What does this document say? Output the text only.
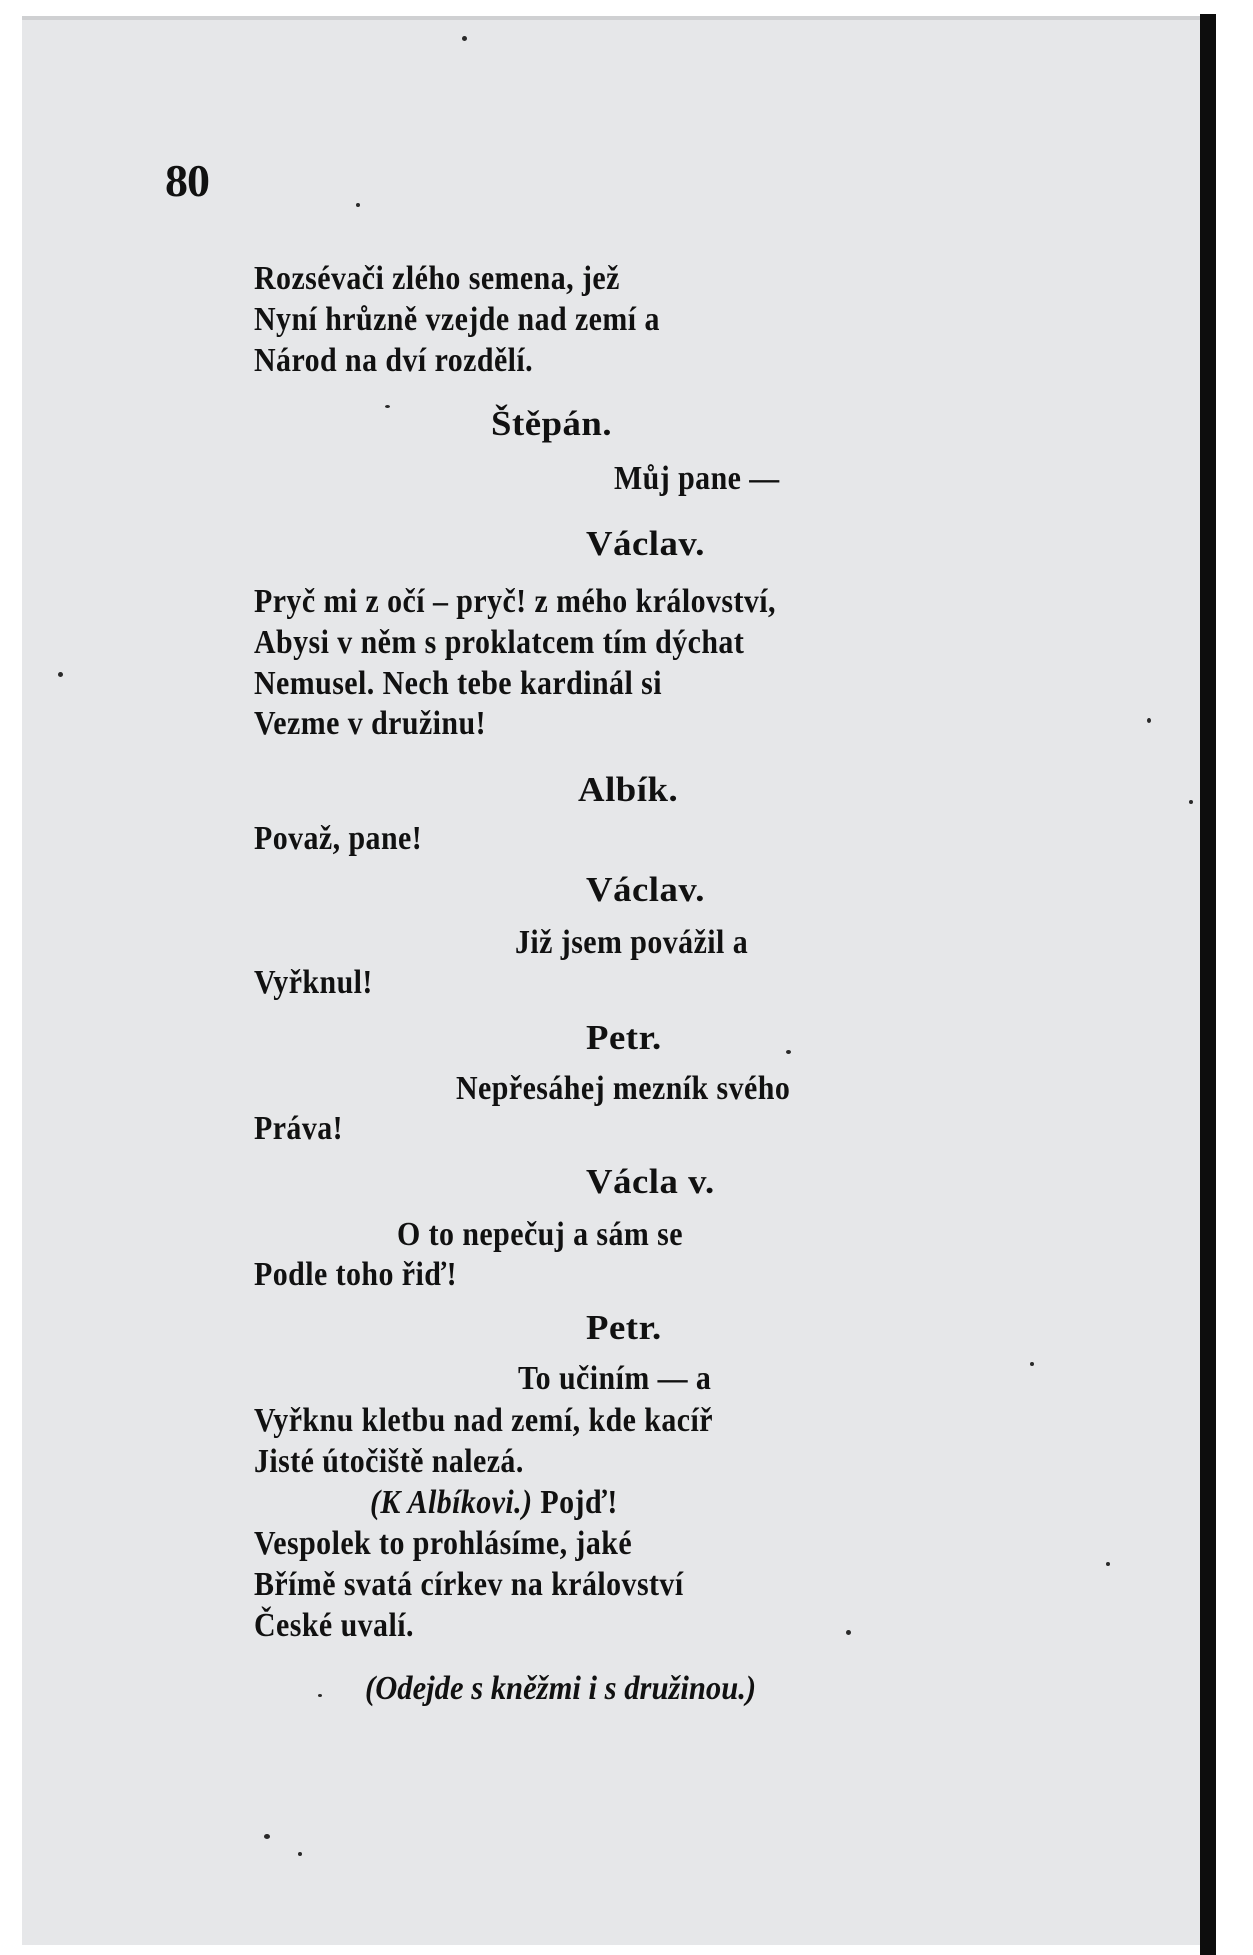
80
Rozsévači zlého semena, jež
Nyní hrůzně vzejde nad zemí a
Národ na dví rozdělí.
Štěpán.
Můj pane —
Václav.
Pryč mi z očí – pryč! z mého království,
Abysi v něm s proklatcem tím dýchat
Nemusel. Nech tebe kardinál si
Vezme v družinu!
Albík.
Považ, pane!
Václav.
Již jsem povážil a
Vyřknul!
Petr.
Nepřesáhej mezník svého
Práva!
Václa v.
O to nepečuj a sám se
Podle toho řiď!
Petr.
To učiním — a
Vyřknu kletbu nad zemí, kde kacíř
Jisté útočiště nalezá.
(K Albíkovi.) Pojď!
Vespolek to prohlásíme, jaké
Břímě svatá církev na království
České uvalí.
(Odejde s kněžmi i s družinou.)
